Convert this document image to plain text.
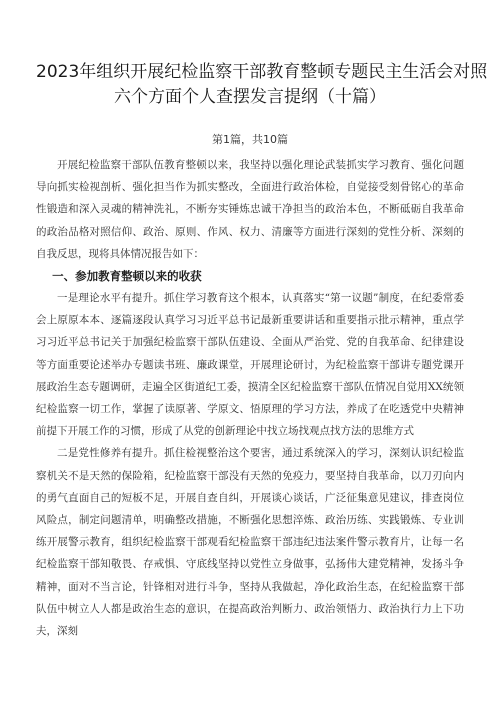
2023年组织开展纪检监察干部教育整顿专题民主生活会对照
六个方面个人查摆发言提纲（十篇）
第1篇，共10篇

开展纪检监察干部队伍教育整顿以来，我坚持以强化理论武装抓实学习教育、强化问题导向抓实检视剖析、强化担当作为抓实整改，全面进行政治体检，自觉接受刻骨铭心的革命性锻造和深入灵魂的精神洗礼，不断夯实锤炼忠诚干净担当的政治本色，不断砥砺自我革命的政治品格对照信仰、政治、原则、作风、权力、清廉等方面进行深刻的党性分析、深刻的自我反思，现将具体情况报告如下：

一、参加教育整顿以来的收获

一是理论水平有提升。抓住学习教育这个根本，认真落实“第一议题”制度，在纪委常委会上原原本本、逐篇逐段认真学习习近平总书记最新重要讲话和重要指示批示精神，重点学习习近平总书记关于加强纪检监察干部队伍建设、全面从严治党、党的自我革命、纪律建设等方面重要论述举办专题读书班、廉政课堂，开展理论研讨，为纪检监察干部讲专题党课开展政治生态专题调研，走遍全区街道纪工委，摸清全区纪检监察干部队伍情况自觉用XX统领纪检监察一切工作，掌握了读原著、学原文、悟原理的学习方法，养成了在吃透党中央精神前提下开展工作的习惯，形成了从党的创新理论中找立场找观点找方法的思维方式

二是党性修养有提升。抓住检视整治这个要害，通过系统深入的学习，深刻认识纪检监察机关不是天然的保险箱，纪检监察干部没有天然的免疫力，要坚持自我革命，以刀刃向内的勇气直面自己的短板不足，开展自查自纠，开展谈心谈话，广泛征集意见建议，排查岗位风险点，制定问题清单，明确整改措施，不断强化思想淬炼、政治历练、实践锻炼、专业训练开展警示教育，组织纪检监察干部观看纪检监察干部违纪违法案件警示教育片，让每一名纪检监察干部知敬畏、存戒惧、守底线坚持以党性立身做事，弘扬伟大建党精神，发扬斗争精神，面对不当言论，针锋相对进行斗争，坚持从我做起，净化政治生态，在纪检监察干部队伍中树立人人都是政治生态的意识，在提高政治判断力、政治领悟力、政治执行力上下功夫，深刻
